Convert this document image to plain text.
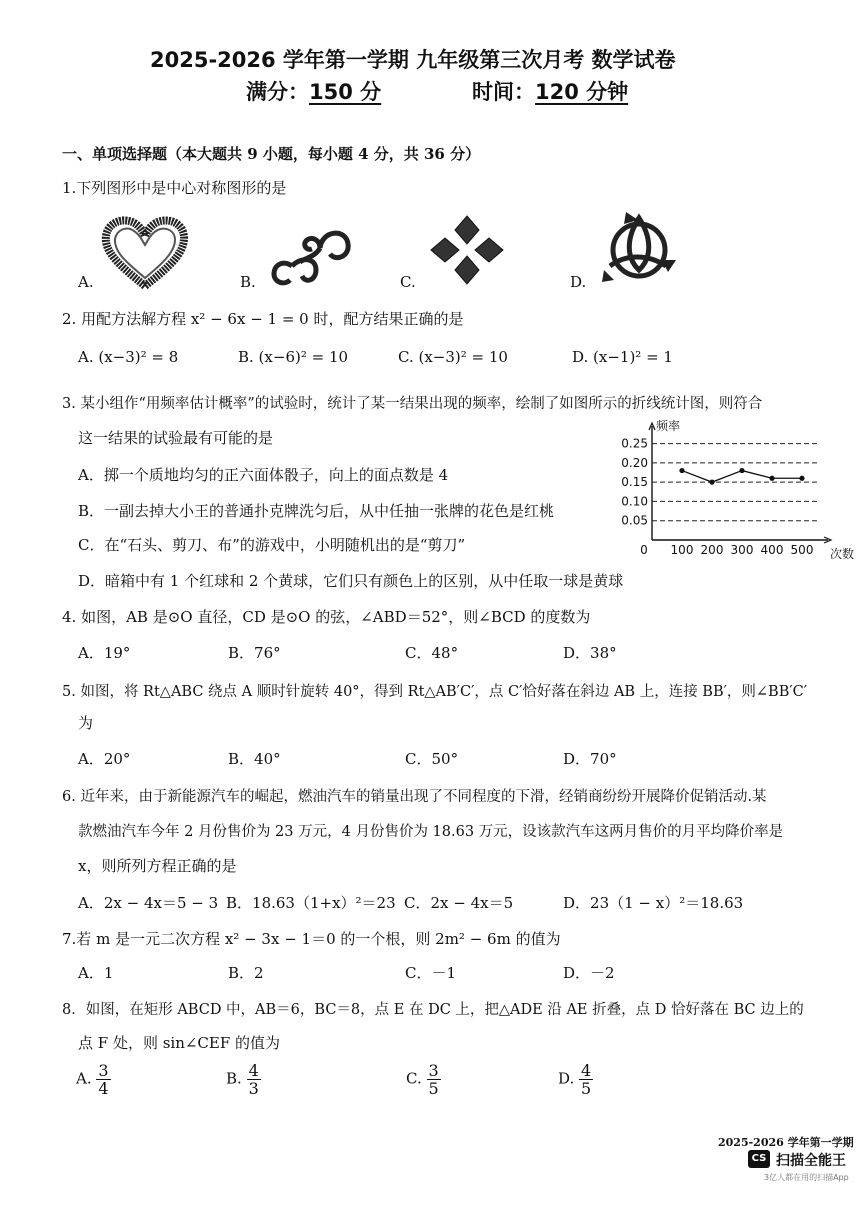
2025-2026 学年第一学期 九年级第三次月考 数学试卷
满分：150 分	时间：120 分钟
一、单项选择题（本大题共 9 小题，每小题 4 分，共 36 分）
1.下列图形中是中心对称图形的是
A.	B.	C.	D.
2. 用配方法解方程 x² − 6x − 1 = 0 时，配方结果正确的是
A. (x−3)² = 8	B. (x−6)² = 10	C. (x−3)² = 10	D. (x−1)² = 1
3. 某小组作“用频率估计概率”的试验时，统计了某一结果出现的频率，绘制了如图所示的折线统计图，则符合
这一结果的试验最有可能的是
A．掷一个质地均匀的正六面体骰子，向上的面点数是 4
B．一副去掉大小王的普通扑克牌洗匀后，从中任抽一张牌的花色是红桃
C．在“石头、剪刀、布”的游戏中，小明随机出的是“剪刀”
D．暗箱中有 1 个红球和 2 个黄球，它们只有颜色上的区别，从中任取一球是黄球
0.05
0.10
0.15
0.20
0.25
0 100 200 300 400 500
频率
次数
4. 如图，AB 是⊙O 直径，CD 是⊙O 的弦，∠ABD＝52°，则∠BCD 的度数为
A．19°	B．76°	C．48°	D．38°
5. 如图，将 Rt△ABC 绕点 A 顺时针旋转 40°，得到 Rt△AB′C′，点 C′恰好落在斜边 AB 上，连接 BB′，则∠BB′C′
为
A．20°	B．40°	C．50°	D．70°
6. 近年来，由于新能源汽车的崛起，燃油汽车的销量出现了不同程度的下滑，经销商纷纷开展降价促销活动.某
款燃油汽车今年 2 月份售价为 23 万元，4 月份售价为 18.63 万元，设该款汽车这两月售价的月平均降价率是
x，则所列方程正确的是
A．2x − 4x＝5 − 3 B．18.63（1+x）²＝23 C．2x − 4x＝5	D．23（1 − x）²＝18.63
7.若 m 是一元二次方程 x² − 3x − 1＝0 的一个根，则 2m² − 6m 的值为
A．1	B．2	C．－1	D．－2
8．如图，在矩形 ABCD 中，AB＝6，BC＝8，点 E 在 DC 上，把△ADE 沿 AE 折叠，点 D 恰好落在 BC 边上的
点 F 处，则 sin∠CEF 的值为
A. $\frac{3}{4}$	B. $\frac{4}{3}$	C. $\frac{3}{5}$	D. $\frac{4}{5}$
2025-2026 学年第一学期
CS 扫描全能王
3亿人都在用的扫描App
